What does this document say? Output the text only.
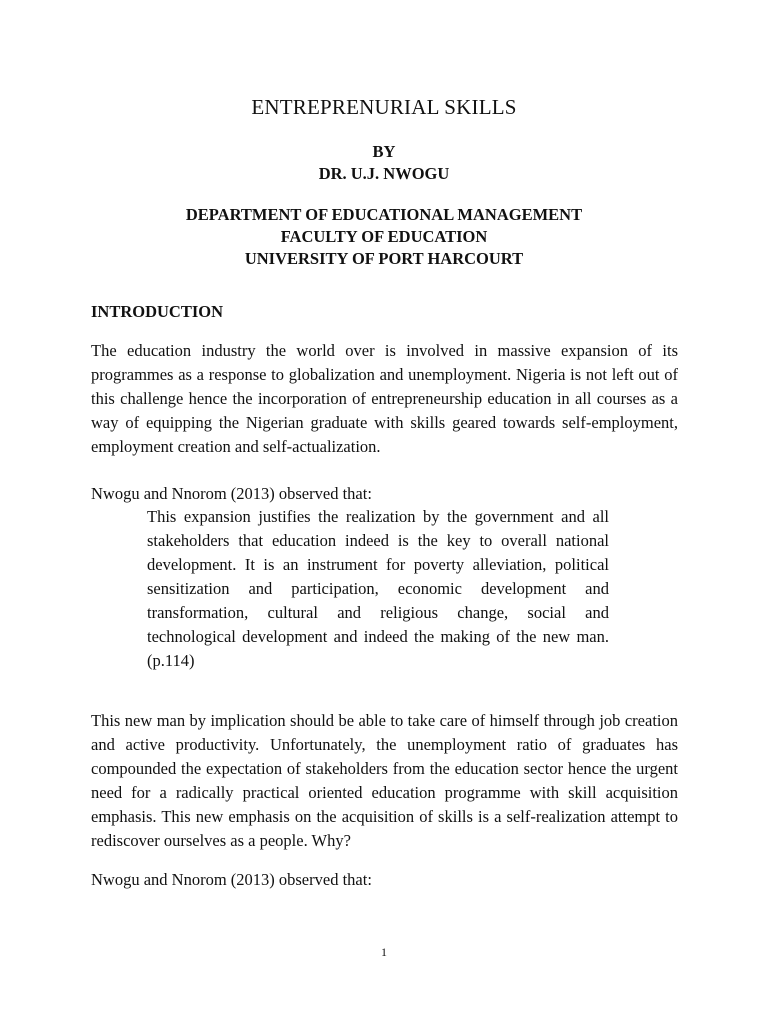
ENTREPRENURIAL SKILLS
BY
DR. U.J. NWOGU
DEPARTMENT OF EDUCATIONAL MANAGEMENT
FACULTY OF EDUCATION
UNIVERSITY OF PORT HARCOURT
INTRODUCTION

The education industry the world over is involved in massive expansion of its programmes as a response to globalization and unemployment. Nigeria is not left out of this challenge hence the incorporation of entrepreneurship education in all courses as a way of equipping the Nigerian graduate with skills geared towards self-employment, employment creation and self-actualization.

Nwogu and Nnorom (2013) observed that:

This expansion justifies the realization by the government and all stakeholders that education indeed is the key to overall national development. It is an instrument for poverty alleviation, political sensitization and participation, economic development and transformation, cultural and religious change, social and technological development and indeed the making of the new man. (p.114)

This new man by implication should be able to take care of himself through job creation and active productivity. Unfortunately, the unemployment ratio of graduates has compounded the expectation of stakeholders from the education sector hence the urgent need for a radically practical oriented education programme with skill acquisition emphasis. This new emphasis on the acquisition of skills is a self-realization attempt to rediscover ourselves as a people. Why?

Nwogu and Nnorom (2013) observed that:
1
